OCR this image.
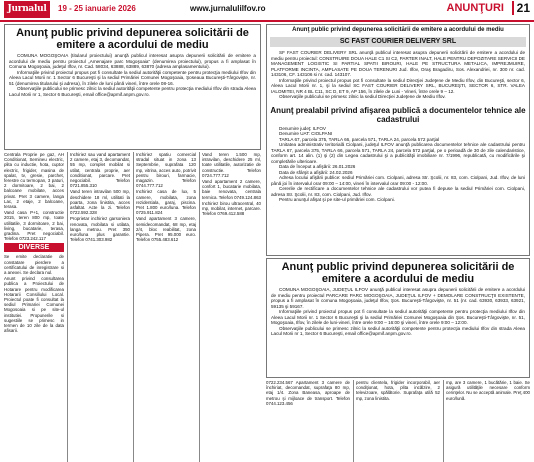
Jurnalul	19 - 25 ianuarie 2026	www.jurnalulilfov.ro	ANUNŢURI	21
Anunţ public privind depunerea solicitării de emitere a acordului de mediu

COMUNA MOGOŞOAIA (titularul proiectului) anunţă publicul interesat asupra depunerii solicitării de emitere a acordului de mediu pentru proiectul „Amenajare parc Mogoşoaia“ (denumirea proiectului), propus a fi amplasat în Comuna Mogoşoaia, judeţul Ilfov, nr. Cad. 58034, 63888, 63889, 63870 (adresa amplasamentului).

Informaţiile privind proiectul propus pot fi consultate la sediul autorităţii competente pentru protecţia mediului Ilfov din Aleea Lacul Morii nr. 1 Sector 6 Bucureşti şi la sediul Primăriei Comunei Mogoşoaia, Şoseaua Bucureşti-Târgovişte, nr. 51 (denumirea titularului şi adresa), în zilele de luni până vineri, între orele 08-16.

Observaţiile publicului se primesc zilnic la sediul autorităţii competente pentru protecţia mediului Ilfov din strada Aleea Lacul Morii nr 1, Sector 6 Bucureşti, email office@apmif.anpm.gov.ro.

Centrala Proprie pe gaz, AH Conditionat, Semineu electric, plita cu inductie, hota, cuptor electric, frigider, masina de spalat, tv, gresie, parchet, ferestre cu termopan, 3 paturi, 2 dormitoare, 2 bai, 2 balcoane mobilate, acces privat. Pret 3 camere, langa Lac, 2 etaje, 2 balcoane, terasa.

Vand casa P+1, constructie 2015, teren 800 mp, toate utilitatile, 3 dormitoare, 2 bai, living, bucatarie, terasa, gradina. Pret negociabil. Telefon 0723.242.117

DIVERSE

Se emite declaratie de constatare pierdere a certificatului de inregistrare si a anexei. Se declara nul.

Anunt privind consultarea publica a Proiectului de Hotarare pentru modificarea Hotararii Consiliului Local. Proiectul poate fi consultat la sediul Primariei Comunei Mogosoaia si pe site-ul institutiei. Propunerile si sugestiile se primesc in termen de 10 zile de la data afisarii.

Inchiriez sau vand apartament 2 camere, etaj 3, decomandat, 55 mp, complet mobilat si utilat, centrala proprie, aer conditionat, parcare. Pret negociabil. Telefon 0721.855.310

Vand teren intravilan 500 mp, deschidere 18 ml, utilitati la poarta, zona linistita, acces asfaltat. Acte la zi. Telefon 0722.592.328

Proprietar inchiriez garsoniera renovata, mobilata si utilata, langa metrou. Pret 350 euro/luna plus garantie. Telefon 0741.303.982

Inchiriez spatiu comercial stradal situat in zona 13 Septembrie, suprafata 120 mp, vitrina, acces auto, potrivit pentru birouri, farmacie, magazin. Telefon 0744.777.712

Inchiriez casa de lux, 5 camere, mobilata, zona rezidentiala, garaj, piscina. Pret 1.800 euro/luna. Telefon 0725.911.824

Vand apartament 3 camere, semidecomandat, 68 mp, etaj 2/4, bloc reabilitat, zona Pipera. Pret 95.000 euro. Telefon 0755.483.612

Vand teren 1.500 mp, intravilan, deschidere 25 ml, toate utilitatile, autorizatie de constructie. Telefon 0724.777.712

Vand apartament 2 camere, confort 1, bucatarie mobilata, baie renovata, centrala termica. Telefon 0749.124.863

Inchiriez birou ultracentral, 40 mp, mobilat, internet, parcare. Telefon 0769.412.588

Anunţ public privind depunerea solicitării de emitere a acordului de mediu
SC FAST COURIER DELIVERY SRL

SF FAST COURIER DELIVERY SRL anunţă publicul interesat asupra depunerii solicitării de emitere a acordului de mediu pentru proiectul: CONSTRUIRE DOUA HALE C1 SI C2, PARTER INALT, HALE PENTRU DEPOZITARE SERVICII DE MANAGEMENT LOGISTIC SI PARTIAL SPATII BIROURI, HALE PE STRUCTURA METALICA, IMPREJMUIRE, PLATFORME INCINTA, AMPLASATE PE DOUA TERENURI Jud. Ilfov, Oraş Bragadiru, Sos. Alexandriei, nr. 300 nr. cad. 143106, CF. 143106 si nr. cad. 143107.

Informaţiile privind proiectul propus pot fi consultate la sediul Direcţiei Judeţene de Mediu Ilfov, din Bucureşti, sector 6, Aleea Lacul Morii nr. 1, şi la sediul SC FAST COURIER DELIVERY SRL, BUCUREŞTI, SECTOR 6, STR. VALEA IALOMITEI, NR 4 BL C11, SC D, ET 9, AP 156, în zilele de Luni - Vineri, între orele 9 – 12.

Observaţiile publicului se primesc zilnic la sediul Direcţiei Judeţene de Mediu Ilfov.

Anunţ prealabil privind afişarea publică a documentelor tehnice ale cadastrului

Denumire judeţ: ILFOV

Denumire UAT: CIOLPANI

TARLA 67, parcela 375, TARLA 66, parcela 571, TARLA 24, parcela 572 parţial

Unitatea administrativ teritorială Ciolpani, judeţul ILFOV anunţă publicarea documentelor tehnice ale cadastrului pentru TARLA 67, parcela 375, TARLA 66, parcela 571, TARLA 24, parcela 572 parţial, pe o perioadă de 30 de zile calendaristice, conform art. 14 alin. (1) şi (2) din Legea cadastrului şi a publicităţii imobiliare nr. 7/1996, republicată, cu modificările şi completările ulterioare.

Data de început a afişării: 26.01.2026

Data de sfârşit a afişării: 24.02.2026

Adresa locului afişării publice: sediul Primăriei com. Ciolpani, adresa Str. Şcolii, nr. 83, com. Ciolpani, Jud. Ilfov, de luni până joi în intervalul orar 09:00 – 14:00, vineri în intervalul orar 09:00 - 12:00.

Cererile de rectificare a documentelor tehnice ale cadastrului vor putea fi depuse la sediul Primăriei com. Ciolpani, adresa Str. Şcolii, nr. 83, com. Ciolpani, Jud. Ilfov.

Pentru anunţul afişat şi pe site-ul primăriei com. Ciolpani.

Anunţ public privind depunerea solicitării de emitere a acordului de mediu

COMUNA MOGOŞOAIA, JUDEŢUL ILFOV anunţă publicul interesat asupra depunerii solicitării de emitere a acordului de mediu pentru proiectul PARCARE PARC MOGOŞOAIA, JUDEŢUL ILFOV + DEMOLARE CONSTRUCŢII EXISTENTE, propus a fi amplasat în comuna Mogoşoaia, judeţul Ilfov, Şos. Bucureşti-Târgovişte, nr. 51 (nr. cad. 63930, 63933, 63921, 59135 şi 59167.

Informaţiile privind proiectul propus pot fi consultate la sediul autorităţii competente pentru protecţia mediului Ilfov din Aleea Lacul Morii nr. 1 Sector 6 Bucureşti şi la sediul Primăriei Comunei Mogoşoaia din Şos. Bucureşti-Târgovişte, nr. 51, Mogoşoaia, Ilfov, în zilele de luni-vineri, între orele 9:00 – 16:00 şi vineri, între orele 9:00 – 12:00.

Observaţiile publicului se primesc zilnic la sediul autorităţii competente pentru protecţia mediului Ilfov din strada Aleea Lacul Morii nr 1, Sector 6 Bucureşti, email office@apmif.anpm.gov.ro.

0722.234.567 Apartament 3 camere de închiriat, decomandat, suprafaţa 80 mp, etaj 1/4. Zona Baneasa, aproape de metrou şi mijloace de transport. Telefon 0744.123.456

pentru clientela, frigider incorporabil, aer condiţionat, hota, plita incălzire, 2 televizoare, spălătorie. Suprafaţa utilă 52 mp, zona linistita.

mp, are 3 camere, 1 bucătărie, 1 baie. Se asigură utilităţile necesare conform cerinţelor. Nu se acceptă animale. Preţ 400 euro/lună.
